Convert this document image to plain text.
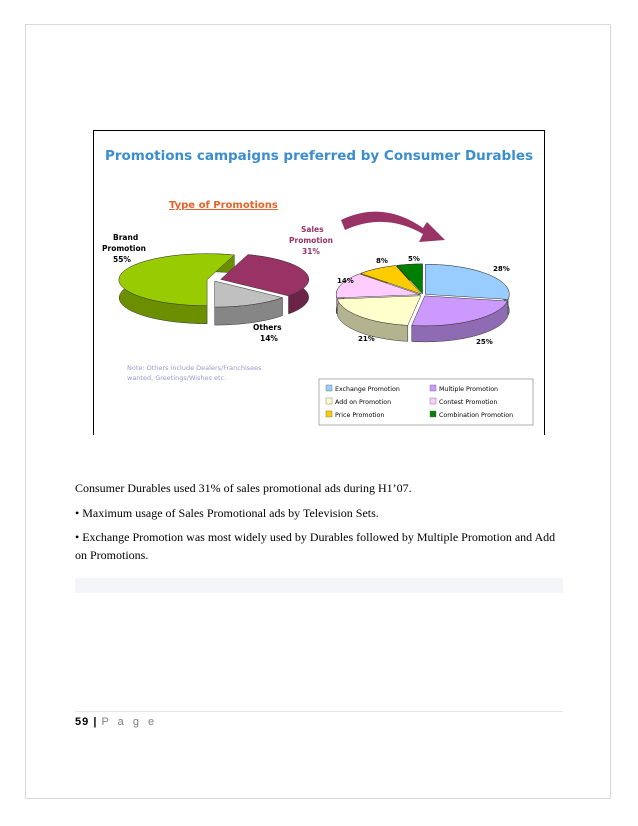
Promotions campaigns preferred by Consumer Durables
Type of Promotions
Brand
Promotion
55%
Sales
Promotion
31%
Others
14%
28%
25%
21%
14%
8%	5%
Note: Others include Dealers/Franchisees
wanted, Greetings/Wishes etc.
Exchange Promotion	Multiple Promotion
Add on Promotion	Contest Promotion
Price Promotion	Combination Promotion
Consumer Durables used 31% of sales promotional ads during H1’07.
• Maximum usage of Sales Promotional ads by Television Sets.
• Exchange Promotion was most widely used by Durables followed by Multiple Promotion and Add on Promotions.
59 | P a g e
